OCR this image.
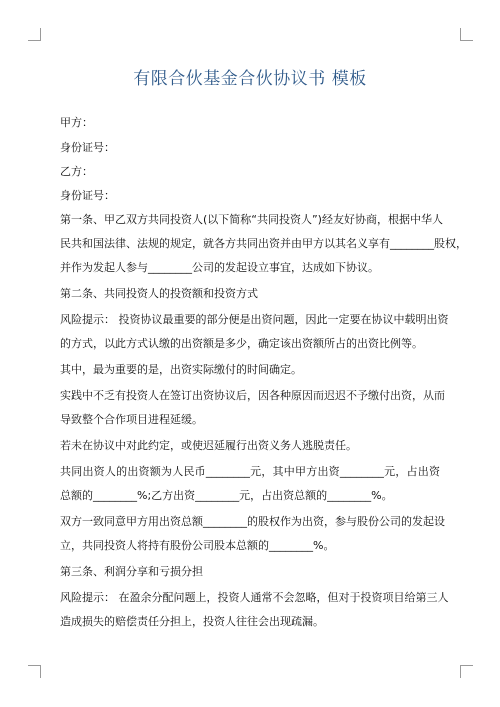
有限合伙基金合伙协议书 模板
甲方：
身份证号：
乙方：
身份证号：
第一条、甲乙双方共同投资人(以下简称“共同投资人”)经友好协商，根据中华人
民共和国法律、法规的规定，就各方共同出资并由甲方以其名义享有________股权，
并作为发起人参与________公司的发起设立事宜，达成如下协议。
第二条、共同投资人的投资额和投资方式
风险提示： 投资协议最重要的部分便是出资问题，因此一定要在协议中载明出资
的方式，以此方式认缴的出资额是多少，确定该出资额所占的出资比例等。
其中，最为重要的是，出资实际缴付的时间确定。
实践中不乏有投资人在签订出资协议后，因各种原因而迟迟不予缴付出资，从而
导致整个合作项目进程延缓。
若未在协议中对此约定，或使迟延履行出资义务人逃脱责任。
共同出资人的出资额为人民币________元，其中甲方出资________元，占出资
总额的________%;乙方出资________元，占出资总额的________%。
双方一致同意甲方用出资总额________的股权作为出资，参与股份公司的发起设
立，共同投资人将持有股份公司股本总额的________%。
第三条、利润分享和亏损分担
风险提示： 在盈余分配问题上，投资人通常不会忽略，但对于投资项目给第三人
造成损失的赔偿责任分担上，投资人往往会出现疏漏。
